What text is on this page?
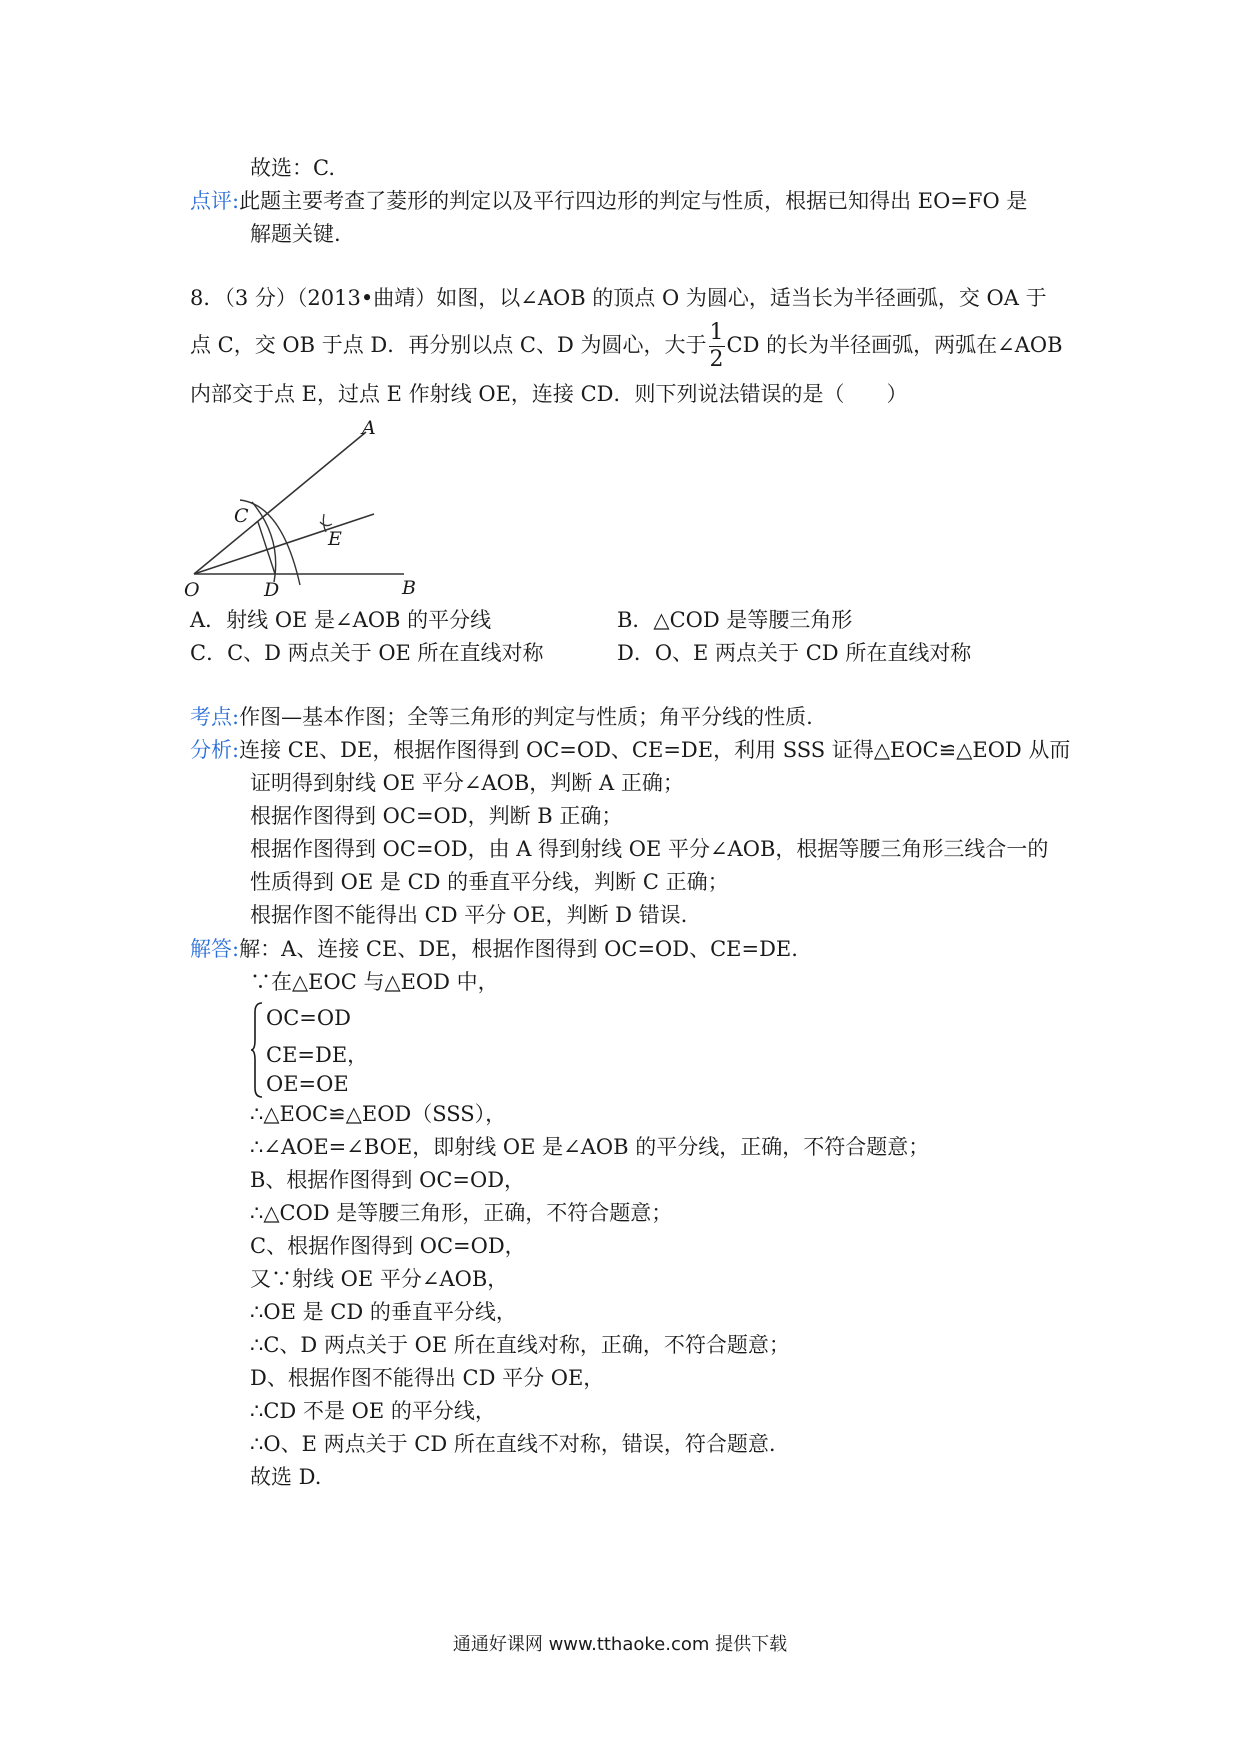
故选：C.
点评:此题主要考查了菱形的判定以及平行四边形的判定与性质，根据已知得出 EO=FO 是
解题关键.
8．（3 分）（2013•曲靖）如图，以∠AOB 的顶点 O 为圆心，适当长为半径画弧，交 OA 于
点 C，交 OB 于点 D．再分别以点 C、D 为圆心，大于 $\frac{1}{2}$ CD 的长为半径画弧，两弧在∠AOB
内部交于点 E，过点 E 作射线 OE，连接 CD．则下列说法错误的是（　　）
A
B
C
D
E
O
A．射线 OE 是∠AOB 的平分线	B．△COD 是等腰三角形
C．C、D 两点关于 OE 所在直线对称	D．O、E 两点关于 CD 所在直线对称
考点:作图—基本作图；全等三角形的判定与性质；角平分线的性质.
分析:连接 CE、DE，根据作图得到 OC=OD、CE=DE，利用 SSS 证得△EOC≌△EOD 从而
证明得到射线 OE 平分∠AOB，判断 A 正确；
根据作图得到 OC=OD，判断 B 正确；
根据作图得到 OC=OD，由 A 得到射线 OE 平分∠AOB，根据等腰三角形三线合一的
性质得到 OE 是 CD 的垂直平分线，判断 C 正确；
根据作图不能得出 CD 平分 OE，判断 D 错误.
解答:解：A、连接 CE、DE，根据作图得到 OC=OD、CE=DE.
∵在△EOC 与△EOD 中，
OC=OD
CE=DE，
OE=OE
∴△EOC≌△EOD（SSS），
∴∠AOE=∠BOE，即射线 OE 是∠AOB 的平分线，正确，不符合题意；
B、根据作图得到 OC=OD，
∴△COD 是等腰三角形，正确，不符合题意；
C、根据作图得到 OC=OD，
又∵射线 OE 平分∠AOB，
∴OE 是 CD 的垂直平分线，
∴C、D 两点关于 OE 所在直线对称，正确，不符合题意；
D、根据作图不能得出 CD 平分 OE，
∴CD 不是 OE 的平分线，
∴O、E 两点关于 CD 所在直线不对称，错误，符合题意.
故选 D.
通通好课网 www.tthaoke.com 提供下载
